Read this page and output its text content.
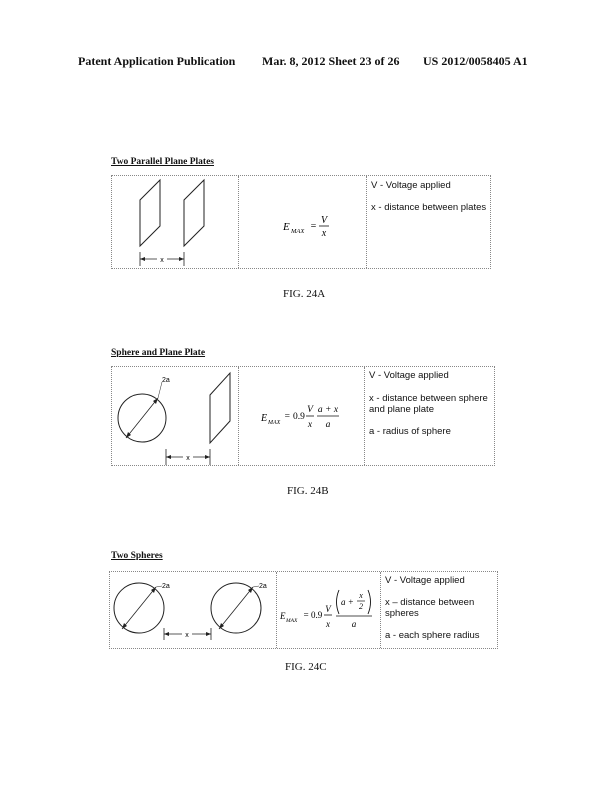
Patent Application Publication Mar. 8, 2012 Sheet 23 of 26 US 2012/0058405 A1
Two Parallel Plane Plates
x
E MAX =
V
x
V - Voltage applied
x - distance between plates
FIG. 24A
Sphere and Plane Plate
2a
x
E MAX
= 0.9
V
x
a + x
a
V - Voltage applied
x - distance between sphere
and plane plate
a - radius of sphere
FIG. 24B
Two Spheres
2a	2a
x
E MAX
= 0.9
V
x
a +
x
2
a
V - Voltage applied
x – distance between
spheres
a - each sphere radius
FIG. 24C
